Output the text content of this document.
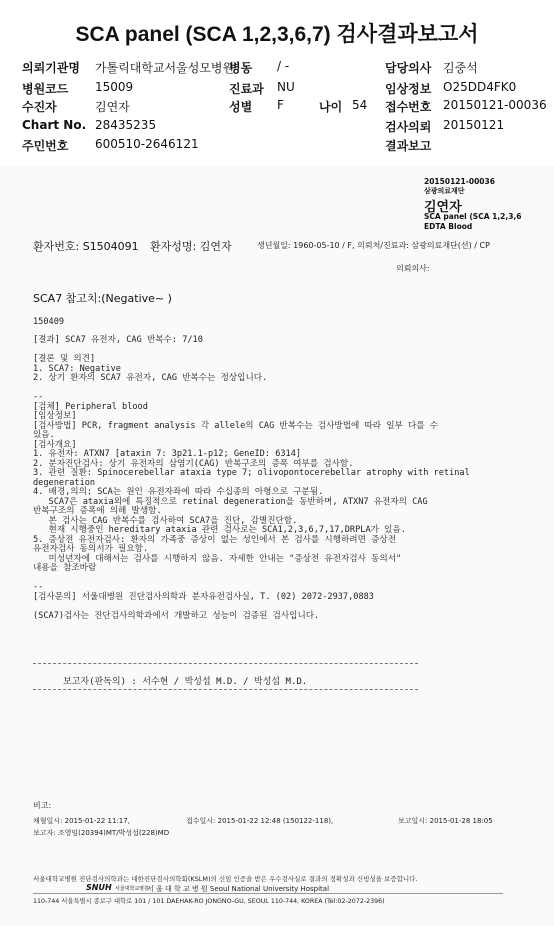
SCA panel (SCA 1,2,3,6,7) 검사결과보고서
의뢰기관명 가톨릭대학교서울성모병원
병동 / -	담당의사 김중석
병원코드 15009	진료과 NU	임상정보 O25DD4FK0
수진자	김연자	성별 F	나이 54 접수번호 20150121-00036
Chart No. 28435235	검사의뢰 20150121
주민번호 600510-2646121	결과보고
20150121-00036
삼광의료재단
김연자
SCA panel (SCA 1,2,3,6
EDTA Blood
환자번호: S1504091 환자성명: 김연자	생년월일: 1960-05-10 / F, 의뢰처/진료과: 삼광의료재단(선) / CP
의뢰의사:
SCA7 참고치:(Negative~ )
150409
[결과] SCA7 유전자, CAG 반복수: 7/10
[결론 및 의견]
1. SCA7: Negative
2. 상기 환자의 SCA7 유전자, CAG 반복수는 정상입니다.
--
[검체] Peripheral blood
[임상정보]
[검사방법] PCR, fragment analysis 각 allele의 CAG 반복수는 검사방법에 따라 일부 다를 수
있음.
[검사개요]
1. 유전자: ATXN7 [ataxin 7: 3p21.1-p12; GeneID: 6314]
2. 분자진단검사: 상기 유전자의 삼염기(CAG) 반복구조의 증폭 여부를 검사함.
3. 관련 질환: Spinocerebellar ataxia type 7; olivopontocerebellar atrophy with retinal
degeneration
4. 배경,의의: SCA는 원인 유전자좌에 따라 수십종의 아형으로 구분됨.
SCA7은 ataxia외에 특징적으로 retinal degeneration을 동반하며, ATXN7 유전자의 CAG
반복구조의 증폭에 의해 발생함.
본 검사는 CAG 반복수를 검사하여 SCA7을 진단, 감별진단함.
현재 시행중인 hereditary ataxia 관련 검사로는 SCA1,2,3,6,7,17,DRPLA가 있음.
5. 증상전 유전자검사: 환자의 가족중 증상이 없는 성인에서 본 검사를 시행하려면 증상전
유전자검사 동의서가 필요함.
미성년자에 대해서는 검사를 시행하지 않음. 자세한 안내는 "증상전 유전자검사 동의서"
내용을 참조바람
--
[검사문의] 서울대병원 진단검사의학과 분자유전검사실, T. (02) 2072-2937,0883
(SCA7)검사는 진단검사의학과에서 개발하고 성능이 검증된 검사입니다.
보고자(판독의) : 서수현 / 박성섭 M.D. / 박성섭 M.D.
비고:
채혈일시: 2015-01-22 11:17,	접수일시: 2015-01-22 12:48 (150122-118),	보고일시: 2015-01-28 18:05
보고자: 조영임(20394)MT/박성섭(228)MD
서울대학교병원 진단검사의학과는 대한진단검사의학회(KSLM)의 신임 인증을 받은 우수검사실로 결과의 정확성과 신빙성을 보증합니다.
SNUH 서울대학교병원
서 울 대 학 교 병 원 Seoul National University Hospital
110-744 서울특별시 종로구 대학로 101 / 101 DAEHAK-RO JONGNO-GU, SEOUL 110-744, KOREA (Tel:02-2072-2396)
